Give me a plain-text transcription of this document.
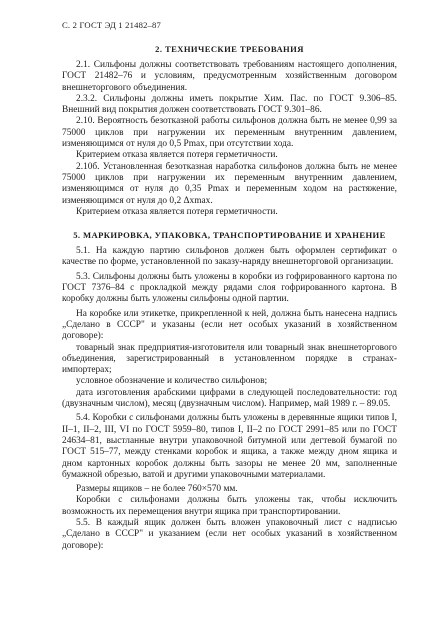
С. 2 ГОСТ ЭД 1 21482–87
2. ТЕХНИЧЕСКИЕ ТРЕБОВАНИЯ

2.1. Сильфоны должны соответствовать требованиям настоящего дополнения, ГОСТ 21482–76 и условиям, предусмотренным хозяйственным договором внешнеторгового объединения.

2.3.2. Сильфоны должны иметь покрытие Хим. Пас. по ГОСТ 9.306–85. Внешний вид покрытия должен соответствовать ГОСТ 9.301–86.

2.10. Вероятность безотказной работы сильфонов должна быть не менее 0,99 за 75000 циклов при нагружении их переменным внутренним давлением, изменяющимся от нуля до 0,5 Pmax, при отсутствии хода.

Критерием отказа является потеря герметичности.

2.10б. Установленная безотказная наработка сильфонов должна быть не менее 75000 циклов при нагружении их переменным внутренним давлением, изменяющимся от нуля до 0,35 Pmax и переменным ходом на растяжение, изменяющимся от нуля до 0,2 Δxmax.

Критерием отказа является потеря герметичности.

5. МАРКИРОВКА, УПАКОВКА, ТРАНСПОРТИРОВАНИЕ И ХРАНЕНИЕ

5.1. На каждую партию сильфонов должен быть оформлен сертификат о качестве по форме, установленной по заказу-наряду внешнеторговой организации.

5.3. Сильфоны должны быть уложены в коробки из гофрированного картона по ГОСТ 7376–84 с прокладкой между рядами слоя гофрированного картона. В коробку должны быть уложены сильфоны одной партии.

На коробке или этикетке, прикрепленной к ней, должна быть нанесена надпись „Сделано в СССР" и указаны (если нет особых указаний в хозяйственном договоре):

товарный знак предприятия-изготовителя или товарный знак внешнеторгового объединения, зарегистрированный в установленном порядке в странах-импортерах;

условное обозначение и количество сильфонов;

дата изготовления арабскими цифрами в следующей последовательности: год (двузначным числом), месяц (двузначным числом). Например, май 1989 г. – 89.05.

5.4. Коробки с сильфонами должны быть уложены в деревянные ящики типов I, II–1, II–2, III, VI по ГОСТ 5959–80, типов I, II–2 по ГОСТ 2991–85 или по ГОСТ 24634–81, выстланные внутри упаковочной битумной или дегтевой бумагой по ГОСТ 515–77, между стенками коробок и ящика, а также между дном ящика и дном картонных коробок должны быть зазоры не менее 20 мм, заполненные бумажной обрезью, ватой и другими упаковочными материалами.

Размеры ящиков – не более 760×570 мм.

Коробки с сильфонами должны быть уложены так, чтобы исключить возможность их перемещения внутри ящика при транспортировании.

5.5. В каждый ящик должен быть вложен упаковочный лист с надписью „Сделано в СССР" и указанием (если нет особых указаний в хозяйственном договоре):
